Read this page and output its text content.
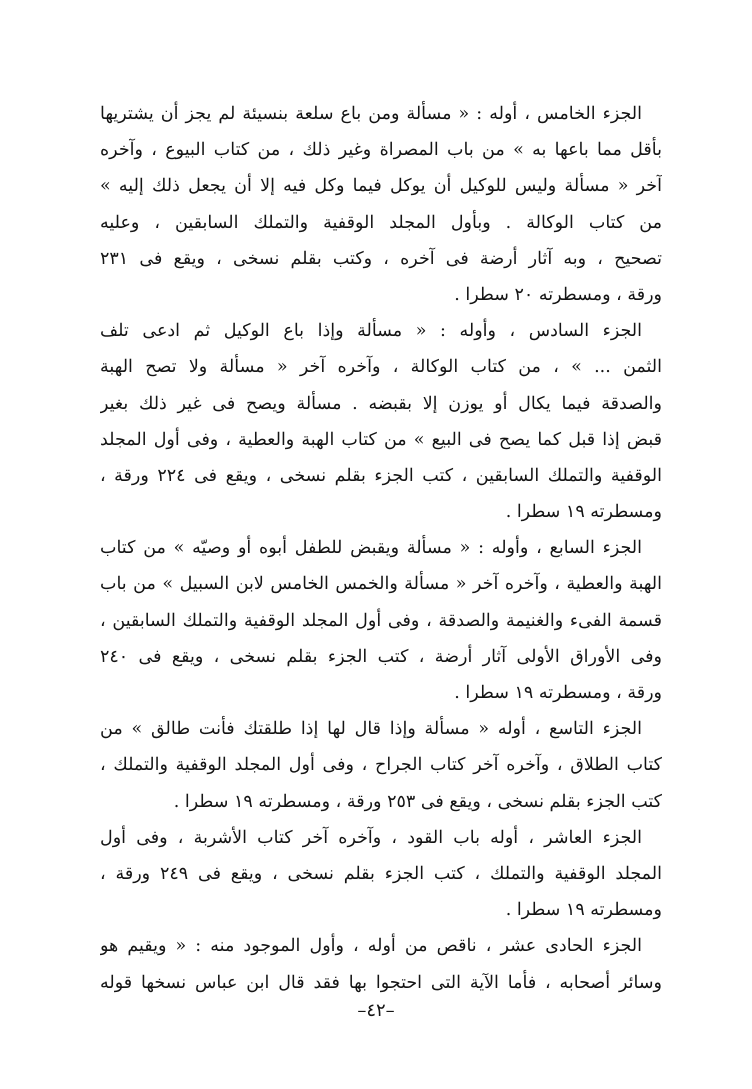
الجزء الخامس ، أوله : « مسألة ومن باع سلعة بنسيئة لم يجز أن يشتريها
بأقل مما باعها به » من باب المصراة وغير ذلك ، من كتاب البيوع ، وآخره
آخر « مسألة وليس للوكيل أن يوكل فيما وكل فيه إلا أن يجعل ذلك إليه »
من كتاب الوكالة . وبأول المجلد الوقفية والتملك السابقين ، وعليه
تصحيح ، وبه آثار أرضة فى آخره ، وكتب بقلم نسخى ، ويقع فى ٢٣١
ورقة ، ومسطرته ٢٠ سطرا .
الجزء السادس ، وأوله : « مسألة وإذا باع الوكيل ثم ادعى تلف
الثمن ... » ، من كتاب الوكالة ، وآخره آخر « مسألة ولا تصح الهبة
والصدقة فيما يكال أو يوزن إلا بقبضه . مسألة ويصح فى غير ذلك بغير
قبض إذا قبل كما يصح فى البيع » من كتاب الهبة والعطية ، وفى أول المجلد
الوقفية والتملك السابقين ، كتب الجزء بقلم نسخى ، ويقع فى ٢٢٤ ورقة ،
ومسطرته ١٩ سطرا .
الجزء السابع ، وأوله : « مسألة ويقبض للطفل أبوه أو وصيّه » من كتاب
الهبة والعطية ، وآخره آخر « مسألة والخمس الخامس لابن السبيل » من باب
قسمة الفىء والغنيمة والصدقة ، وفى أول المجلد الوقفية والتملك السابقين ،
وفى الأوراق الأولى آثار أرضة ، كتب الجزء بقلم نسخى ، ويقع فى ٢٤٠
ورقة ، ومسطرته ١٩ سطرا .
الجزء التاسع ، أوله « مسألة وإذا قال لها إذا طلقتك فأنت طالق » من
كتاب الطلاق ، وآخره آخر كتاب الجراح ، وفى أول المجلد الوقفية والتملك ،
كتب الجزء بقلم نسخى ، ويقع فى ٢٥٣ ورقة ، ومسطرته ١٩ سطرا .
الجزء العاشر ، أوله باب القود ، وآخره آخر كتاب الأشربة ، وفى أول
المجلد الوقفية والتملك ، كتب الجزء بقلم نسخى ، ويقع فى ٢٤٩ ورقة ،
ومسطرته ١٩ سطرا .
الجزء الحادى عشر ، ناقص من أوله ، وأول الموجود منه : « ويقيم هو
وسائر أصحابه ، فأما الآية التى احتجوا بها فقد قال ابن عباس نسخها قوله
–٤٢–
